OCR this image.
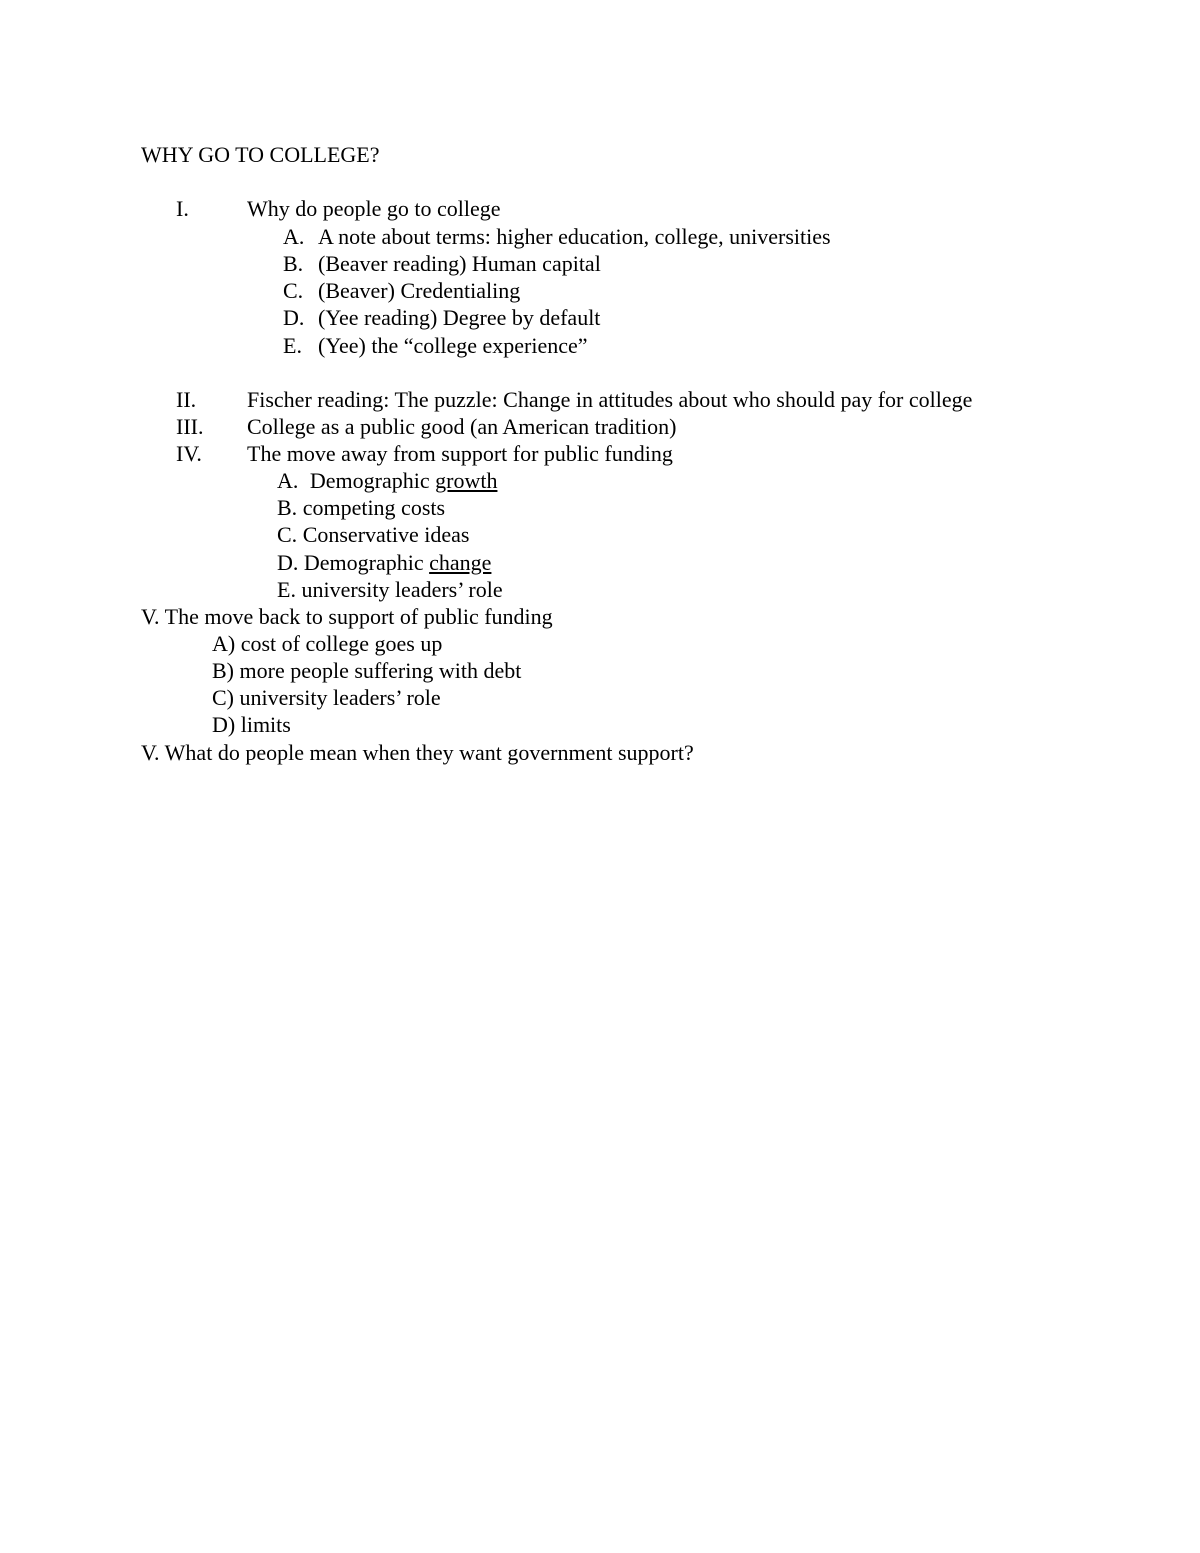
WHY GO TO COLLEGE?
I.	Why do people go to college
A. A note about terms: higher education, college, universities
B. (Beaver reading) Human capital
C. (Beaver) Credentialing
D. (Yee reading) Degree by default
E. (Yee) the “college experience”
II. Fischer reading: The puzzle: Change in attitudes about who should pay for college
III. College as a public good (an American tradition)
IV. The move away from support for public funding
A. Demographic growth
B. competing costs
C. Conservative ideas
D. Demographic change
E. university leaders’ role
V. The move back to support of public funding
A) cost of college goes up
B) more people suffering with debt
C) university leaders’ role
D) limits
V. What do people mean when they want government support?
